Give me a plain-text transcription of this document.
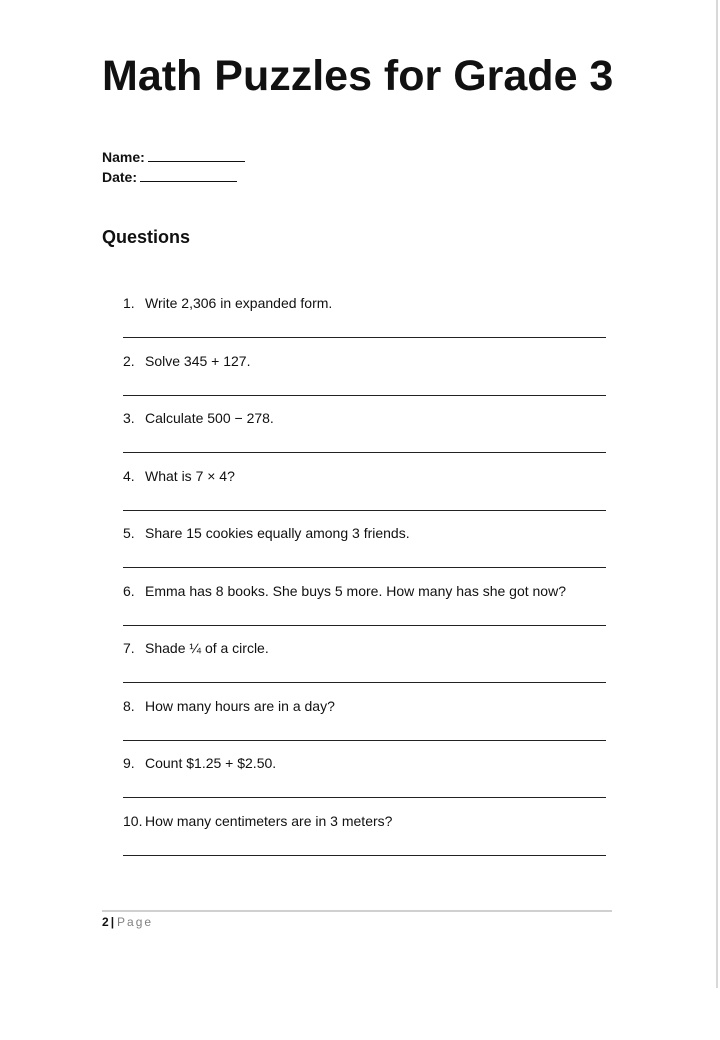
Math Puzzles for Grade 3
Name:
Date:
Questions
1. Write 2,306 in expanded form.
2. Solve 345 + 127.
3. Calculate 500 − 278.
4. What is 7 × 4?
5. Share 15 cookies equally among 3 friends.
6. Emma has 8 books. She buys 5 more. How many has she got now?
7. Shade ¼ of a circle.
8. How many hours are in a day?
9. Count $1.25 + $2.50.
10. How many centimeters are in 3 meters?
2 | Page
